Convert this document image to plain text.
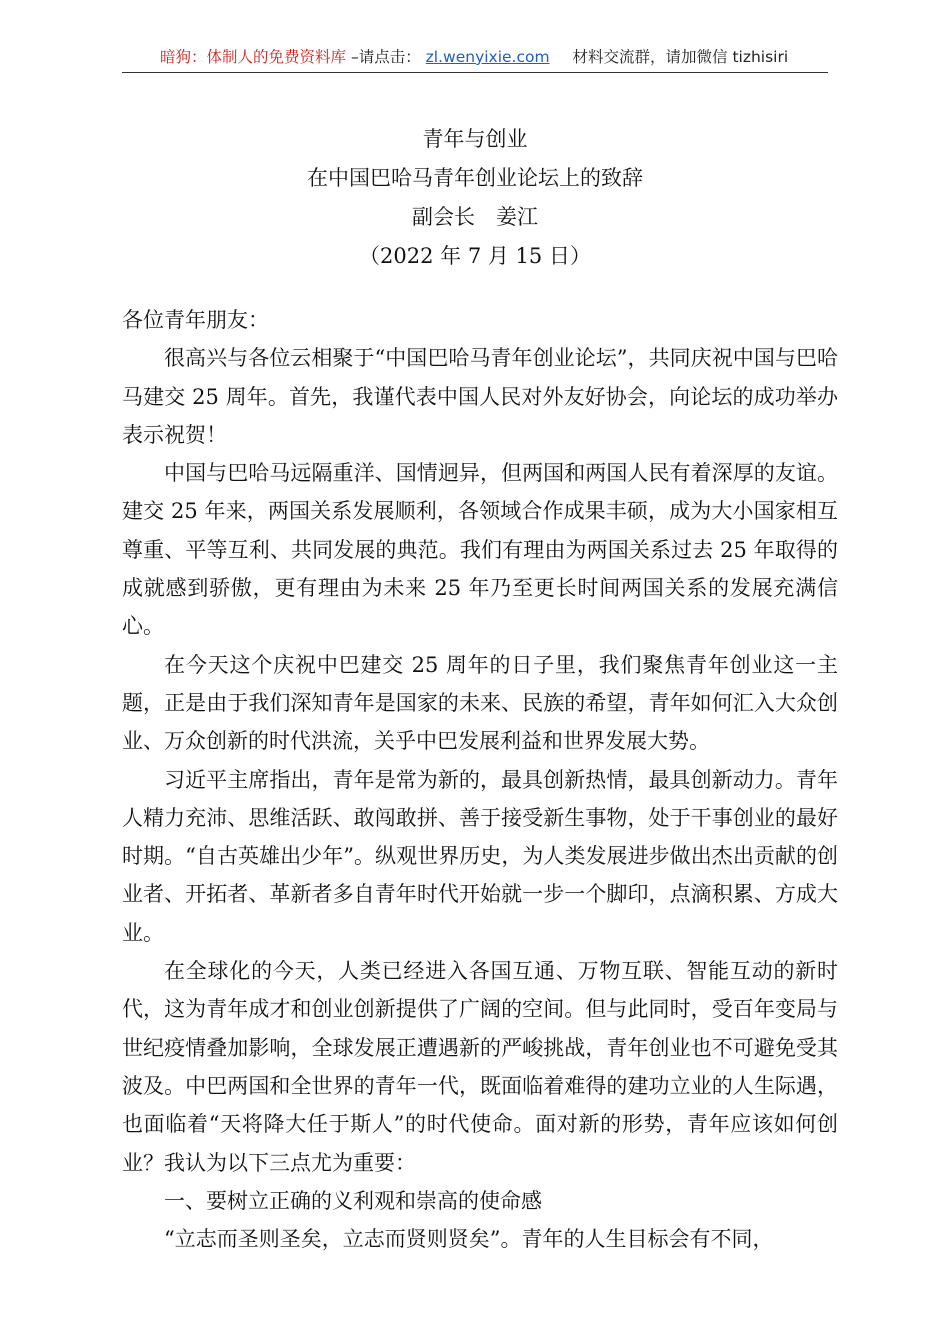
暗狗：体制人的免费资料库 –请点击： zl.wenyixie.com 材料交流群，请加微信 tizhisiri
青年与创业
在中国巴哈马青年创业论坛上的致辞
副会长　姜江
（2022 年 7 月 15 日）

各位青年朋友：

很高兴与各位云相聚于“中国巴哈马青年创业论坛”，共同庆祝中国与巴哈马建交 25 周年。首先，我谨代表中国人民对外友好协会，向论坛的成功举办表示祝贺！

中国与巴哈马远隔重洋、国情迥异，但两国和两国人民有着深厚的友谊。建交 25 年来，两国关系发展顺利，各领域合作成果丰硕，成为大小国家相互尊重、平等互利、共同发展的典范。我们有理由为两国关系过去 25 年取得的成就感到骄傲，更有理由为未来 25 年乃至更长时间两国关系的发展充满信心。

在今天这个庆祝中巴建交 25 周年的日子里，我们聚焦青年创业这一主题，正是由于我们深知青年是国家的未来、民族的希望，青年如何汇入大众创业、万众创新的时代洪流，关乎中巴发展利益和世界发展大势。

习近平主席指出，青年是常为新的，最具创新热情，最具创新动力。青年人精力充沛、思维活跃、敢闯敢拼、善于接受新生事物，处于干事创业的最好时期。“自古英雄出少年”。纵观世界历史，为人类发展进步做出杰出贡献的创业者、开拓者、革新者多自青年时代开始就一步一个脚印，点滴积累、方成大业。

在全球化的今天，人类已经进入各国互通、万物互联、智能互动的新时代，这为青年成才和创业创新提供了广阔的空间。但与此同时，受百年变局与世纪疫情叠加影响，全球发展正遭遇新的严峻挑战，青年创业也不可避免受其波及。中巴两国和全世界的青年一代，既面临着难得的建功立业的人生际遇，也面临着“天将降大任于斯人”的时代使命。面对新的形势，青年应该如何创业？我认为以下三点尤为重要：

一、要树立正确的义利观和崇高的使命感

“立志而圣则圣矣，立志而贤则贤矣”。青年的人生目标会有不同，
